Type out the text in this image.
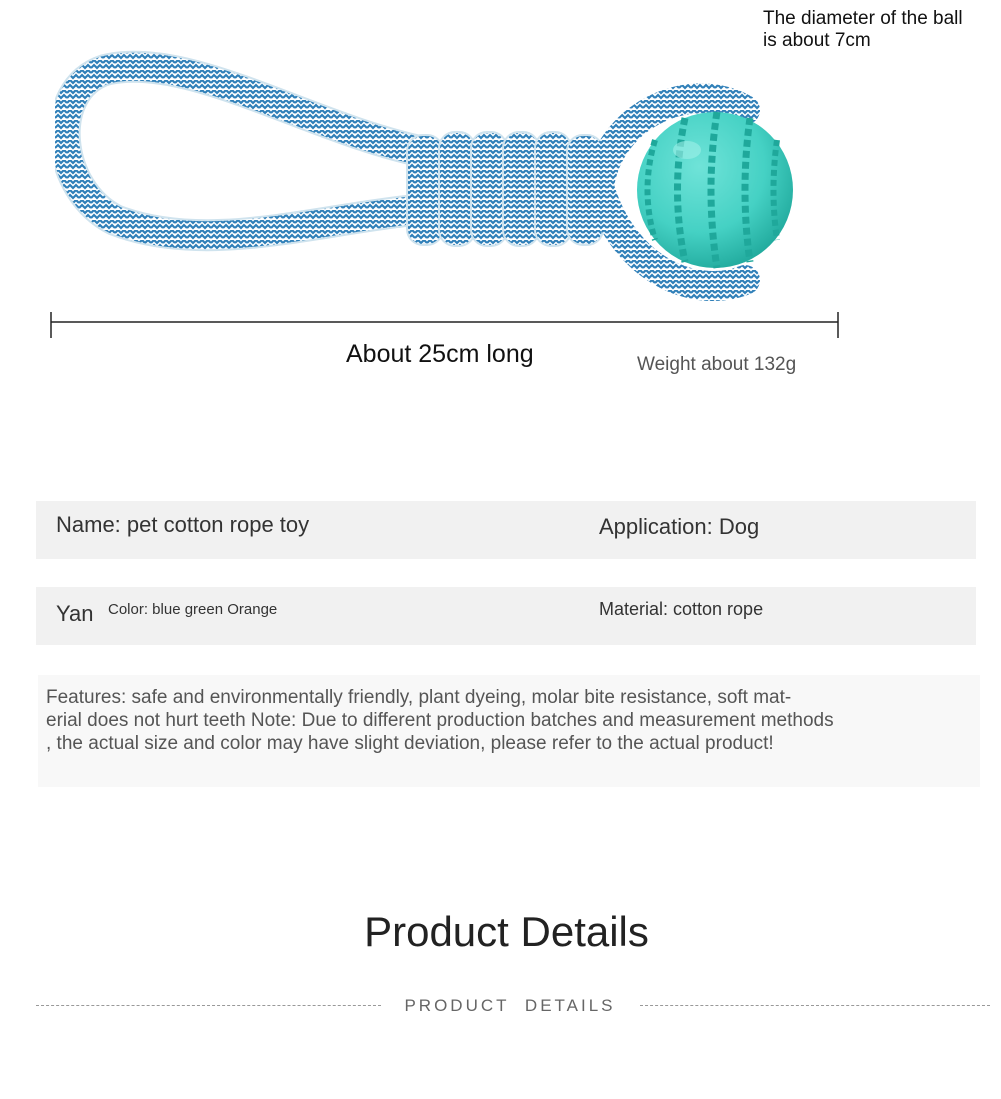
The diameter of the ball
is about 7cm
About 25cm long	Weight about 132g
Name: pet cotton rope toy	Application: Dog
Yan Color: blue green Orange	Material: cotton rope
Features: safe and environmentally friendly, plant dyeing, molar bite resistance, soft mat-
erial does not hurt teeth Note: Due to different production batches and measurement methods
, the actual size and color may have slight deviation, please refer to the actual product!
Product Details
PRODUCT DETAILS
